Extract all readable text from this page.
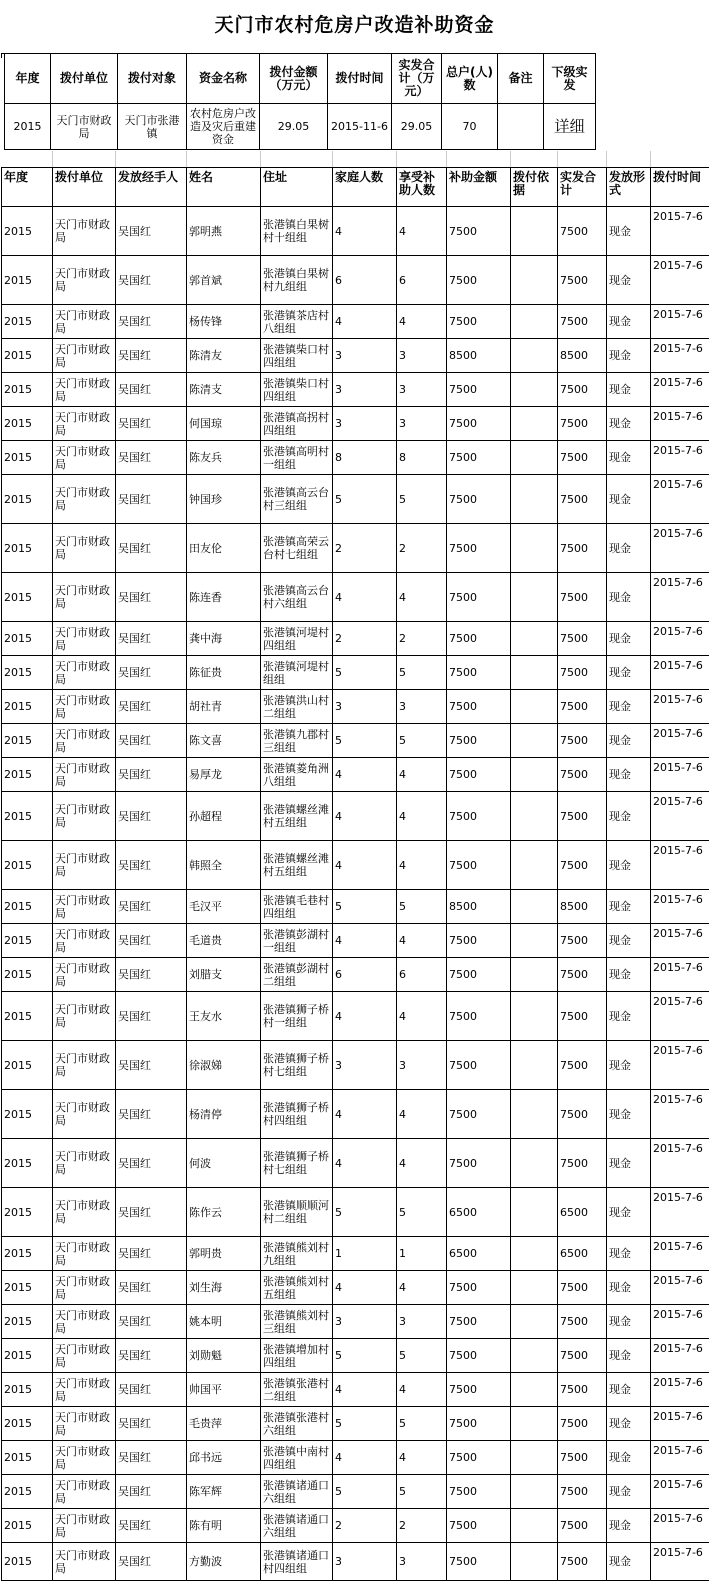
天门市农村危房户改造补助资金
年度	拨付单位	拨付对象	资金名称	拨付金额（万元）	拨付时间	实发合计（万元）	总户(人)数	备注	下级实发	
2015	天门市财政局	天门市张港镇	农村危房户改造及灾后重建资金	29.05	2015-11-6	29.05	70		详细	
年度	拨付单位	发放经手人	姓名	住址	家庭人数	享受补助人数	补助金额	拨付依据	实发合计	发放形式	拨付时间
2015	天门市财政局	吴国红	郭明燕	张港镇白果树村十组组	4	4	7500		7500	现金	2015-7-6
2015	天门市财政局	吴国红	郭首斌	张港镇白果树村九组组	6	6	7500		7500	现金	2015-7-6
2015	天门市财政局	吴国红	杨传锋	张港镇茶店村八组组	4	4	7500		7500	现金	2015-7-6
2015	天门市财政局	吴国红	陈清友	张港镇柴口村四组组	3	3	8500		8500	现金	2015-7-6
2015	天门市财政局	吴国红	陈清支	张港镇柴口村四组组	3	3	7500		7500	现金	2015-7-6
2015	天门市财政局	吴国红	何国琼	张港镇高拐村四组组	3	3	7500		7500	现金	2015-7-6
2015	天门市财政局	吴国红	陈友兵	张港镇高明村一组组	8	8	7500		7500	现金	2015-7-6
2015	天门市财政局	吴国红	钟国珍	张港镇高云台村三组组	5	5	7500		7500	现金	2015-7-6
2015	天门市财政局	吴国红	田友伦	张港镇高荣云台村七组组	2	2	7500		7500	现金	2015-7-6
2015	天门市财政局	吴国红	陈连香	张港镇高云台村六组组	4	4	7500		7500	现金	2015-7-6
2015	天门市财政局	吴国红	龚中海	张港镇河堤村四组组	2	2	7500		7500	现金	2015-7-6
2015	天门市财政局	吴国红	陈征贵	张港镇河堤村组组	5	5	7500		7500	现金	2015-7-6
2015	天门市财政局	吴国红	胡社青	张港镇洪山村二组组	3	3	7500		7500	现金	2015-7-6
2015	天门市财政局	吴国红	陈文喜	张港镇九郡村三组组	5	5	7500		7500	现金	2015-7-6
2015	天门市财政局	吴国红	易厚龙	张港镇菱角洲八组组	4	4	7500		7500	现金	2015-7-6
2015	天门市财政局	吴国红	孙超程	张港镇螺丝滩村五组组	4	4	7500		7500	现金	2015-7-6
2015	天门市财政局	吴国红	韩照全	张港镇螺丝滩村五组组	4	4	7500		7500	现金	2015-7-6
2015	天门市财政局	吴国红	毛汉平	张港镇毛巷村四组组	5	5	8500		8500	现金	2015-7-6
2015	天门市财政局	吴国红	毛道贵	张港镇彭湖村一组组	4	4	7500		7500	现金	2015-7-6
2015	天门市财政局	吴国红	刘腊支	张港镇彭湖村二组组	6	6	7500		7500	现金	2015-7-6
2015	天门市财政局	吴国红	王友水	张港镇狮子桥村一组组	4	4	7500		7500	现金	2015-7-6
2015	天门市财政局	吴国红	徐淑娣	张港镇狮子桥村七组组	3	3	7500		7500	现金	2015-7-6
2015	天门市财政局	吴国红	杨清停	张港镇狮子桥村四组组	4	4	7500		7500	现金	2015-7-6
2015	天门市财政局	吴国红	何波	张港镇狮子桥村七组组	4	4	7500		7500	现金	2015-7-6
2015	天门市财政局	吴国红	陈作云	张港镇顺顺河村二组组	5	5	6500		6500	现金	2015-7-6
2015	天门市财政局	吴国红	郭明贵	张港镇熊刘村九组组	1	1	6500		6500	现金	2015-7-6
2015	天门市财政局	吴国红	刘生海	张港镇熊刘村五组组	4	4	7500		7500	现金	2015-7-6
2015	天门市财政局	吴国红	姚本明	张港镇熊刘村三组组	3	3	7500		7500	现金	2015-7-6
2015	天门市财政局	吴国红	刘勋魁	张港镇增加村四组组	5	5	7500		7500	现金	2015-7-6
2015	天门市财政局	吴国红	帅国平	张港镇张港村二组组	4	4	7500		7500	现金	2015-7-6
2015	天门市财政局	吴国红	毛贵萍	张港镇张港村六组组	5	5	7500		7500	现金	2015-7-6
2015	天门市财政局	吴国红	邱书远	张港镇中南村四组组	4	4	7500		7500	现金	2015-7-6
2015	天门市财政局	吴国红	陈军辉	张港镇诸通口六组组	5	5	7500		7500	现金	2015-7-6
2015	天门市财政局	吴国红	陈有明	张港镇诸通口六组组	2	2	7500		7500	现金	2015-7-6
2015	天门市财政局	吴国红	方勤波	张港镇诸通口村四组组	3	3	7500		7500	现金	2015-7-6
